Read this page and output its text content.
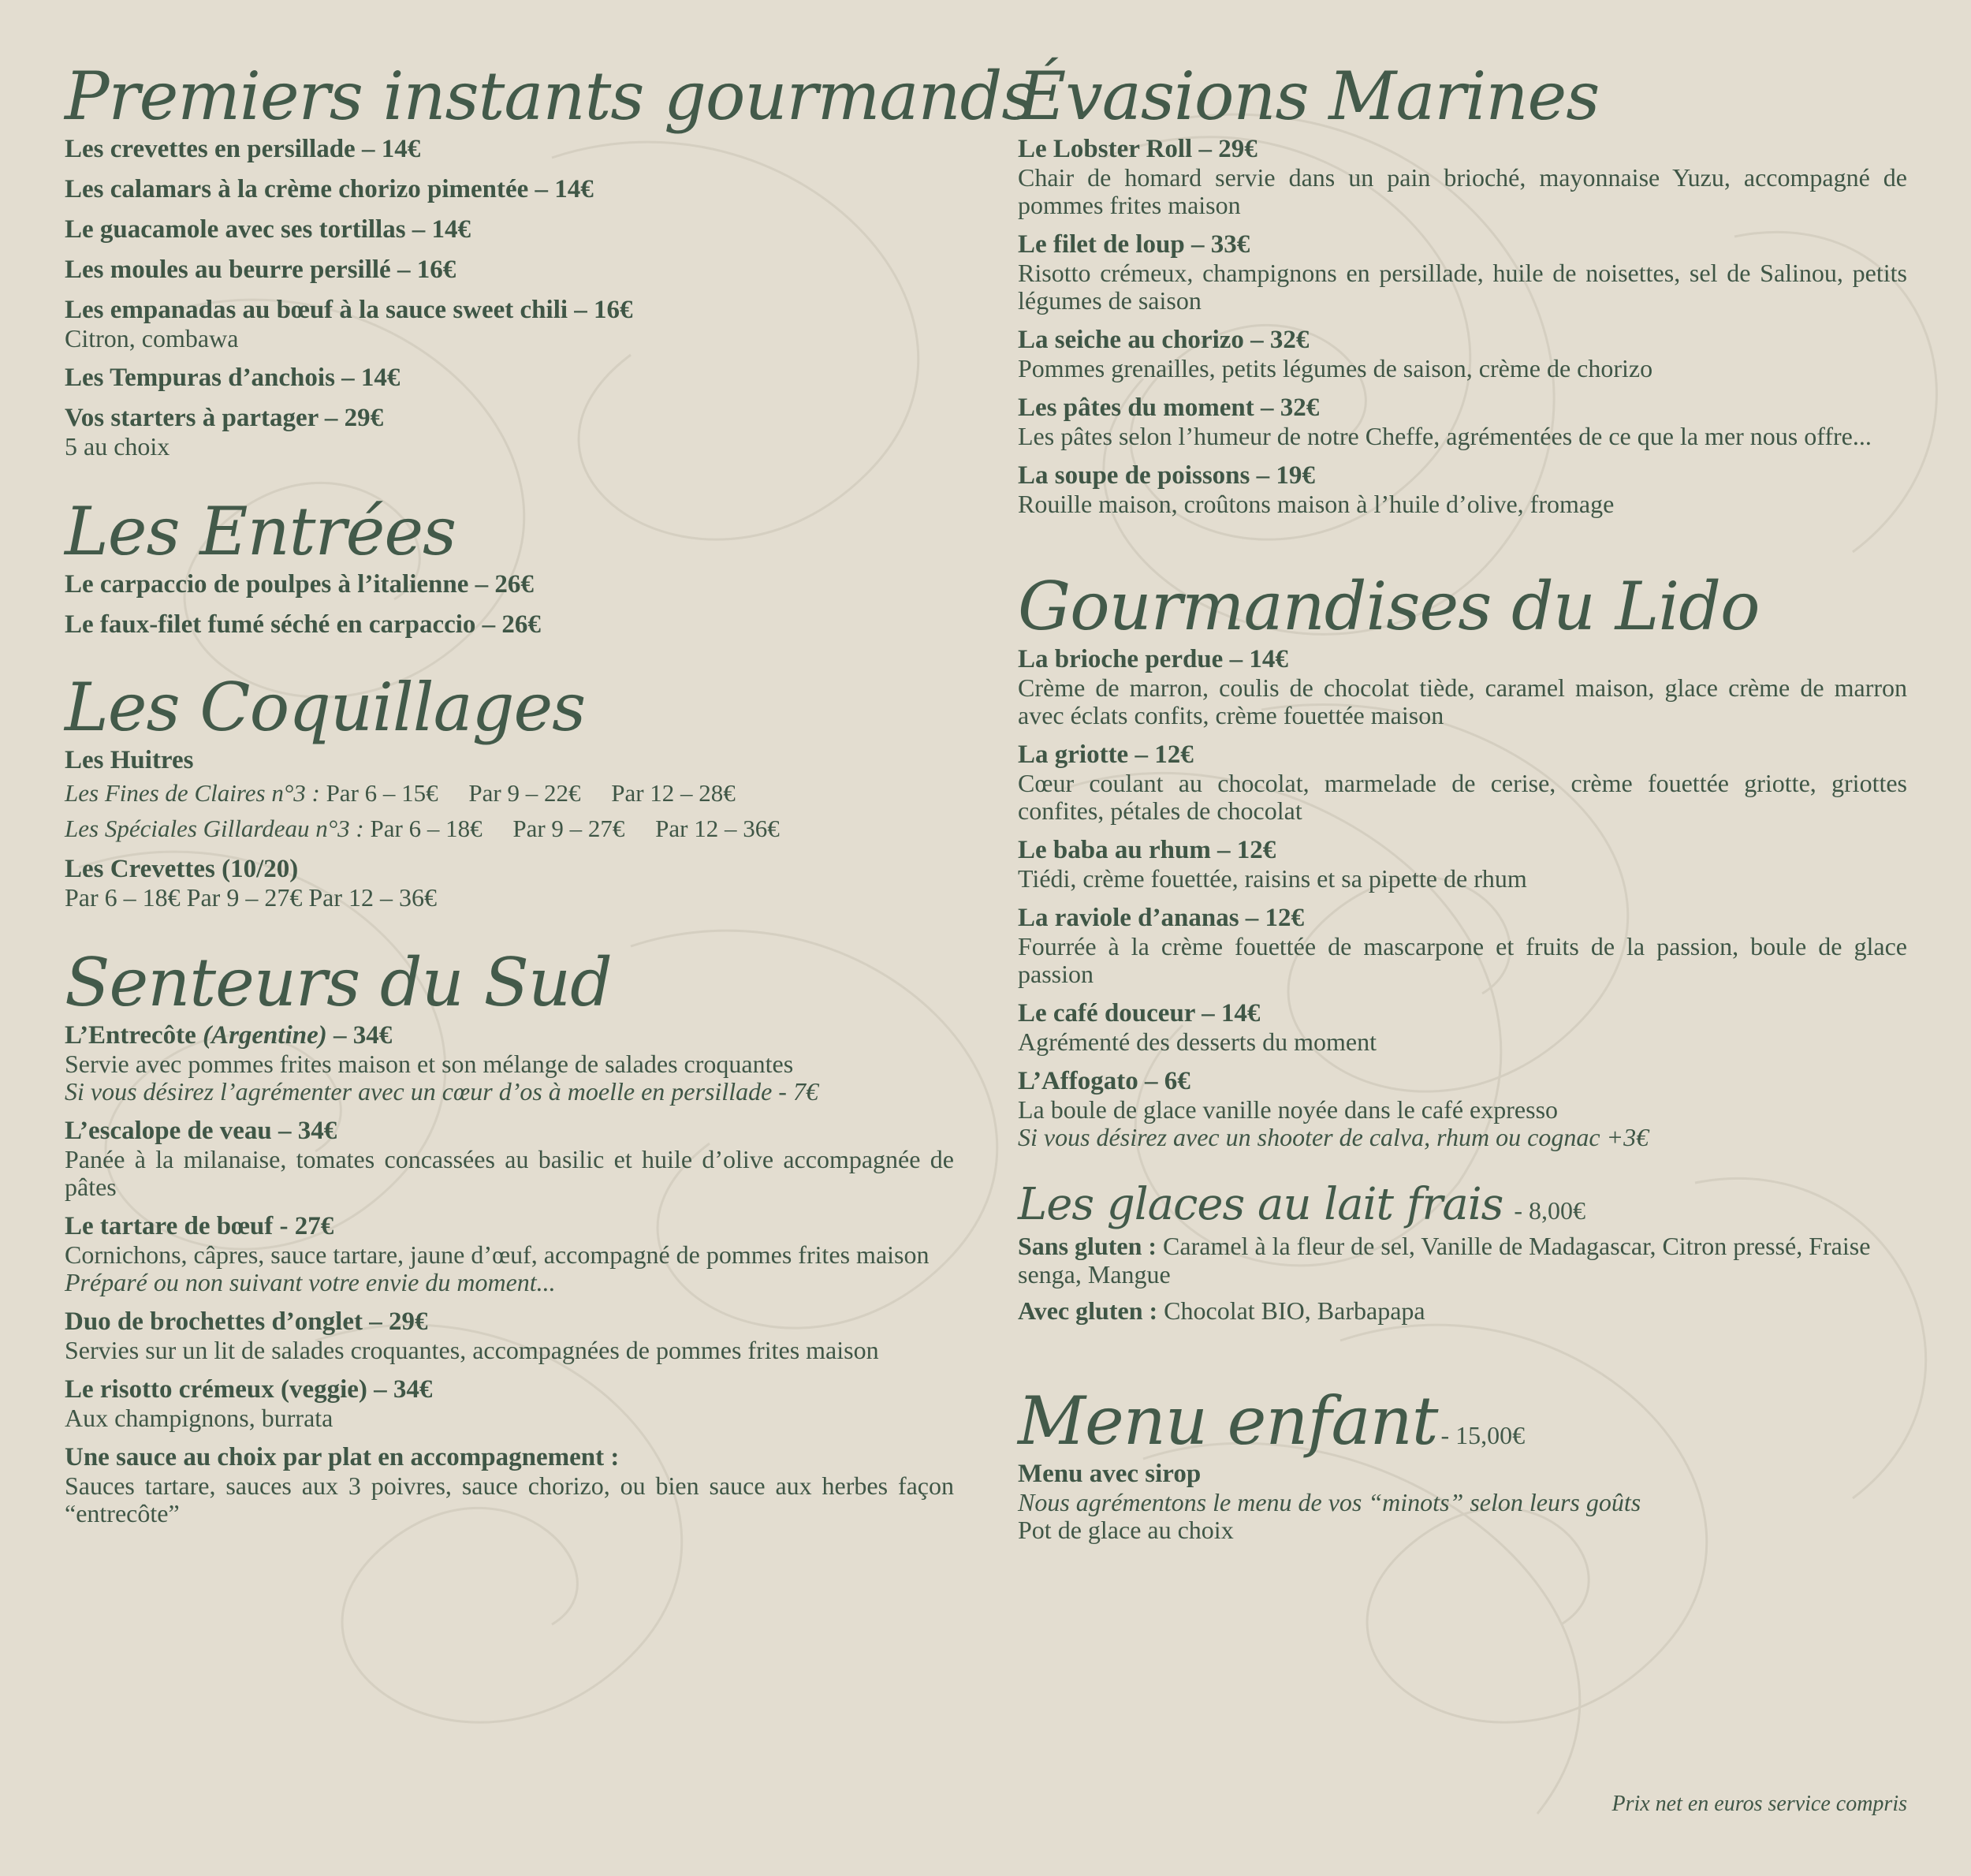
Premiers instants gourmands
Les crevettes en persillade – 14€
Les calamars à la crème chorizo pimentée – 14€
Le guacamole avec ses tortillas – 14€
Les moules au beurre persillé – 16€
Les empanadas au bœuf à la sauce sweet chili – 16€
Citron, combawa
Les Tempuras d’anchois – 14€
Vos starters à partager – 29€
5 au choix
Les Entrées
Le carpaccio de poulpes à l’italienne – 26€
Le faux-filet fumé séché en carpaccio – 26€
Les Coquillages
Les Huitres
Les Fines de Claires n°3 : Par 6 – 15€     Par 9 – 22€     Par 12 – 28€
Les Spéciales Gillardeau n°3 : Par 6 – 18€     Par 9 – 27€     Par 12 – 36€
Les Crevettes (10/20)
Par 6 – 18€ Par 9 – 27€ Par 12 – 36€
Senteurs du Sud
L’Entrecôte (Argentine) – 34€
Servie avec pommes frites maison et son mélange de salades croquantes
Si vous désirez l’agrémenter avec un cœur d’os à moelle en persillade - 7€
L’escalope de veau – 34€
Panée à la milanaise, tomates concassées au basilic et huile d’olive accompagnée de pâtes
Le tartare de bœuf - 27€
Cornichons, câpres, sauce tartare, jaune d’œuf, accompagné de pommes frites maison
Préparé ou non suivant votre envie du moment...
Duo de brochettes d’onglet – 29€
Servies sur un lit de salades croquantes, accompagnées de pommes frites maison
Le risotto crémeux (veggie) – 34€
Aux champignons, burrata
Une sauce au choix par plat en accompagnement :
Sauces tartare, sauces aux 3 poivres, sauce chorizo, ou bien sauce aux herbes façon “entrecôte”
Évasions Marines
Le Lobster Roll – 29€
Chair de homard servie dans un pain brioché, mayonnaise Yuzu, accompagné de pommes frites maison
Le filet de loup – 33€
Risotto crémeux, champignons en persillade, huile de noisettes, sel de Salinou, petits légumes de saison
La seiche au chorizo – 32€
Pommes grenailles, petits légumes de saison, crème de chorizo
Les pâtes du moment – 32€
Les pâtes selon l’humeur de notre Cheffe, agrémentées de ce que la mer nous offre...
La soupe de poissons – 19€
Rouille maison, croûtons maison à l’huile d’olive, fromage
Gourmandises du Lido
La brioche perdue – 14€
Crème de marron, coulis de chocolat tiède, caramel maison, glace crème de marron avec éclats confits, crème fouettée maison
La griotte – 12€
Cœur coulant au chocolat, marmelade de cerise, crème fouettée griotte, griottes confites, pétales de chocolat
Le baba au rhum – 12€
Tiédi, crème fouettée, raisins et sa pipette de rhum
La raviole d’ananas – 12€
Fourrée à la crème fouettée de mascarpone et fruits de la passion, boule de glace passion
Le café douceur – 14€
Agrémenté des desserts du moment
L’Affogato – 6€
La boule de glace vanille noyée dans le café expresso
Si vous désirez avec un shooter de calva, rhum ou cognac +3€
Les glaces au lait frais - 8,00€
Sans gluten : Caramel à la fleur de sel, Vanille de Madagascar, Citron pressé, Fraise senga, Mangue
Avec gluten : Chocolat BIO, Barbapapa
Menu enfant - 15,00€
Menu avec sirop
Nous agrémentons le menu de vos “minots” selon leurs goûts
Pot de glace au choix
Prix net en euros service compris
